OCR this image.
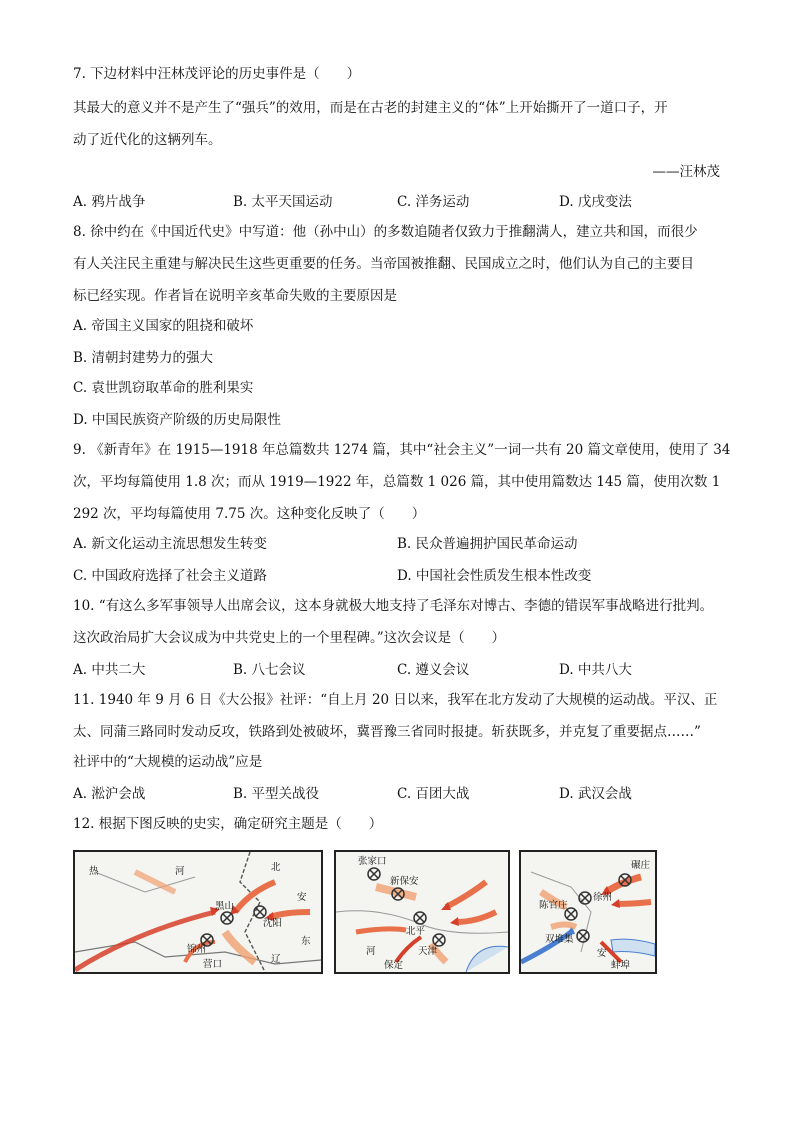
7. 下边材料中汪林茂评论的历史事件是（　　）
其最大的意义并不是产生了“强兵”的效用，而是在古老的封建主义的“体”上开始撕开了一道口子，开
动了近代化的这辆列车。
——汪林茂
A. 鸦片战争	B. 太平天国运动	C. 洋务运动	D. 戊戌变法
8. 徐中约在《中国近代史》中写道：他（孙中山）的多数追随者仅致力于推翻满人，建立共和国，而很少
有人关注民主重建与解决民生这些更重要的任务。当帝国被推翻、民国成立之时，他们认为自己的主要目
标已经实现。作者旨在说明辛亥革命失败的主要原因是
A. 帝国主义国家的阻挠和破坏
B. 清朝封建势力的强大
C. 袁世凯窃取革命的胜利果实
D. 中国民族资产阶级的历史局限性
9. 《新青年》在 1915—1918 年总篇数共 1274 篇，其中“社会主义”一词一共有 20 篇文章使用，使用了 34
次，平均每篇使用 1.8 次；而从 1919—1922 年，总篇数 1 026 篇，其中使用篇数达 145 篇，使用次数 1
292 次，平均每篇使用 7.75 次。这种变化反映了（　　）
A. 新文化运动主流思想发生转变	B. 民众普遍拥护国民革命运动
C. 中国政府选择了社会主义道路	D. 中国社会性质发生根本性改变
10. “有这么多军事领导人出席会议，这本身就极大地支持了毛泽东对博古、李德的错误军事战略进行批判。
这次政治局扩大会议成为中共党史上的一个里程碑。”这次会议是（　　）
A. 中共二大	B. 八七会议	C. 遵义会议	D. 中共八大
11. 1940 年 9 月 6 日《大公报》社评：“自上月 20 日以来，我军在北方发动了大规模的运动战。平汉、正
太、同蒲三路同时发动反攻，铁路到处被破坏，冀晋豫三省同时报捷。斩获既多，并克复了重要据点……”
社评中的“大规模的运动战”应是
A. 淞沪会战	B. 平型关战役	C. 百团大战	D. 武汉会战
12. 根据下图反映的史实，确定研究主题是（　　）
热	河	北
安
黑山
沈阳
锦州
营口	辽
东
张家口
新保安
北平
天津
河
保定
徐州
陈官庄
双堆集
蚌埠
安
碾庄
